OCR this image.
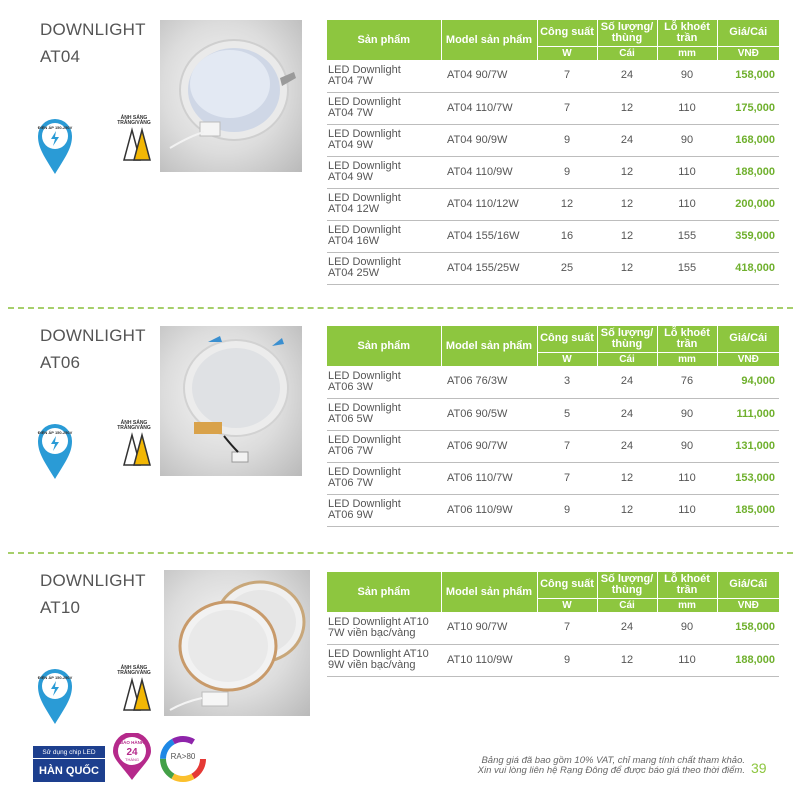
DOWNLIGHT
AT04
ĐIỆN ÁP 150-250V
ÁNH SÁNG TRẮNG/VÀNG
Sản phẩm	Model sản phẩm	Công suất	Số lượng/ thùng	Lỗ khoét trần	Giá/Cái
		W	Cái	mm	VNĐ

LED Downlight
AT04 7W	AT04 90/7W	7	24	90	158,000

LED Downlight
AT04 7W	AT04 110/7W	7	12	110	175,000

LED Downlight
AT04 9W	AT04 90/9W	9	24	90	168,000

LED Downlight
AT04 9W	AT04 110/9W	9	12	110	188,000

LED Downlight
AT04 12W	AT04 110/12W	12	12	110	200,000

LED Downlight
AT04 16W	AT04 155/16W	16	12	155	359,000

LED Downlight
AT04 25W	AT04 155/25W	25	12	155	418,000
DOWNLIGHT
AT06
ĐIỆN ÁP 150-250V
ÁNH SÁNG TRẮNG/VÀNG
Sản phẩm	Model sản phẩm	Công suất	Số lượng/ thùng	Lỗ khoét trần	Giá/Cái
		W	Cái	mm	VNĐ

LED Downlight
AT06 3W	AT06 76/3W	3	24	76	94,000

LED Downlight
AT06 5W	AT06 90/5W	5	24	90	111,000

LED Downlight
AT06 7W	AT06 90/7W	7	24	90	131,000

LED Downlight
AT06 7W	AT06 110/7W	7	12	110	153,000

LED Downlight
AT06 9W	AT06 110/9W	9	12	110	185,000
DOWNLIGHT
AT10
ĐIỆN ÁP 150-250V
ÁNH SÁNG TRẮNG/VÀNG
Sản phẩm	Model sản phẩm	Công suất	Số lượng/ thùng	Lỗ khoét trần	Giá/Cái
		W	Cái	mm	VNĐ

LED Downlight AT10
7W viền bạc/vàng	AT10 90/7W	7	24	90	158,000

LED Downlight AT10
9W viền bạc/vàng	AT10 110/9W	9	12	110	188,000
Sử dụng chip LED
HÀN QUỐC
BẢO HÀNH
24
THÁNG	RA>80	Bảng giá đã bao gồm 10% VAT, chỉ mang tính chất tham khảo.
Xin vui lòng liên hệ Rạng Đông để được báo giá theo thời điểm. 39
